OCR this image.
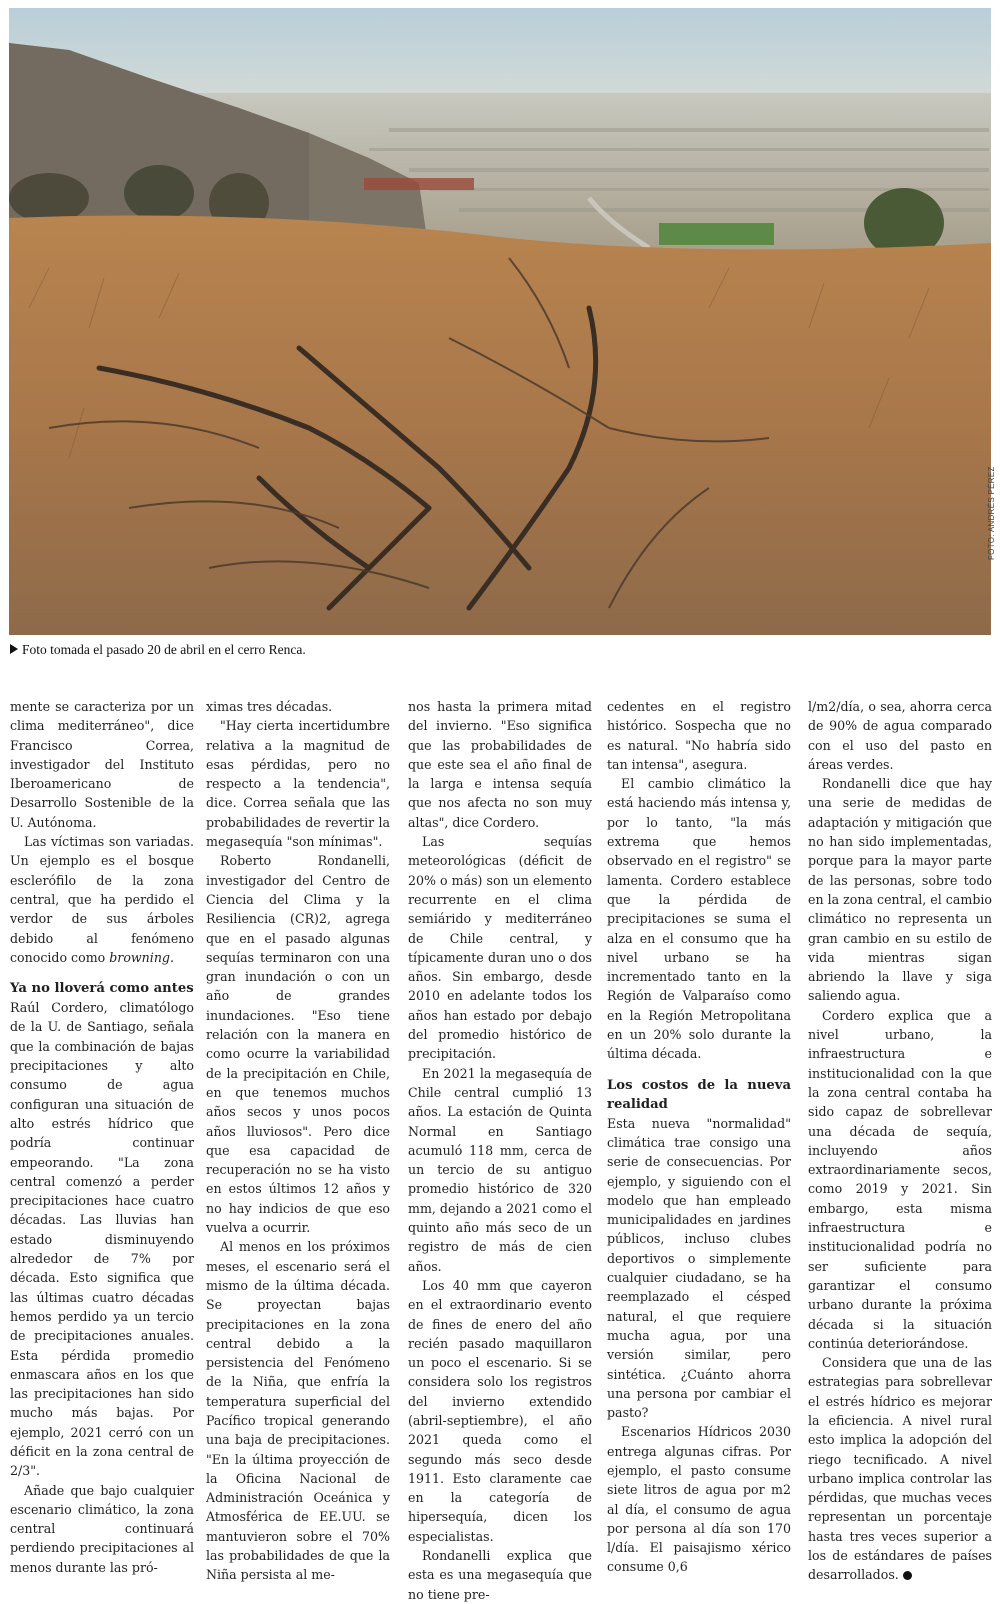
FOTO: ANDRÉS PÉREZ
Foto tomada el pasado 20 de abril en el cerro Renca.

mente se caracteriza por un clima mediterráneo", dice Francisco Correa, investigador del Instituto Iberoamericano de Desarrollo Sostenible de la U. Autónoma.

Las víctimas son variadas. Un ejemplo es el bosque esclerófilo de la zona central, que ha perdido el verdor de sus árboles debido al fenómeno conocido como browning.

Ya no lloverá como antes

Raúl Cordero, climatólogo de la U. de Santiago, señala que la combinación de bajas precipitaciones y alto consumo de agua configuran una situación de alto estrés hídrico que podría continuar empeorando. "La zona central comenzó a perder precipitaciones hace cuatro décadas. Las lluvias han estado disminuyendo alrededor de 7% por década. Esto significa que las últimas cuatro décadas hemos perdido ya un tercio de precipitaciones anuales. Esta pérdida promedio enmascara años en los que las precipitaciones han sido mucho más bajas. Por ejemplo, 2021 cerró con un déficit en la zona central de 2/3".

Añade que bajo cualquier escenario climático, la zona central continuará perdiendo precipitaciones al menos durante las pró-

ximas tres décadas.

"Hay cierta incertidumbre relativa a la magnitud de esas pérdidas, pero no respecto a la tendencia", dice. Correa señala que las probabilidades de revertir la megasequía "son mínimas".

Roberto Rondanelli, investigador del Centro de Ciencia del Clima y la Resiliencia (CR)2, agrega que en el pasado algunas sequías terminaron con una gran inundación o con un año de grandes inundaciones. "Eso tiene relación con la manera en como ocurre la variabilidad de la precipitación en Chile, en que tenemos muchos años secos y unos pocos años lluviosos". Pero dice que esa capacidad de recuperación no se ha visto en estos últimos 12 años y no hay indicios de que eso vuelva a ocurrir.

Al menos en los próximos meses, el escenario será el mismo de la última década. Se proyectan bajas precipitaciones en la zona central debido a la persistencia del Fenómeno de la Niña, que enfría la temperatura superficial del Pacífico tropical generando una baja de precipitaciones. "En la última proyección de la Oficina Nacional de Administración Oceánica y Atmosférica de EE.UU. se mantuvieron sobre el 70% las probabilidades de que la Niña persista al me-

nos hasta la primera mitad del invierno. "Eso significa que las probabilidades de que este sea el año final de la larga e intensa sequía que nos afecta no son muy altas", dice Cordero.

Las sequías meteorológicas (déficit de 20% o más) son un elemento recurrente en el clima semiárido y mediterráneo de Chile central, y típicamente duran uno o dos años. Sin embargo, desde 2010 en adelante todos los años han estado por debajo del promedio histórico de precipitación.

En 2021 la megasequía de Chile central cumplió 13 años. La estación de Quinta Normal en Santiago acumuló 118 mm, cerca de un tercio de su antiguo promedio histórico de 320 mm, dejando a 2021 como el quinto año más seco de un registro de más de cien años.

Los 40 mm que cayeron en el extraordinario evento de fines de enero del año recién pasado maquillaron un poco el escenario. Si se considera solo los registros del invierno extendido (abril-septiembre), el año 2021 queda como el segundo más seco desde 1911. Esto claramente cae en la categoría de hipersequía, dicen los especialistas.

Rondanelli explica que esta es una megasequía que no tiene pre-

cedentes en el registro histórico. Sospecha que no es natural. "No habría sido tan intensa", asegura.

El cambio climático la está haciendo más intensa y, por lo tanto, "la más extrema que hemos observado en el registro" se lamenta. Cordero establece que la pérdida de precipitaciones se suma el alza en el consumo que ha nivel urbano se ha incrementado tanto en la Región de Valparaíso como en la Región Metropolitana en un 20% solo durante la última década.

Los costos de la nueva realidad

Esta nueva "normalidad" climática trae consigo una serie de consecuencias. Por ejemplo, y siguiendo con el modelo que han empleado municipalidades en jardines públicos, incluso clubes deportivos o simplemente cualquier ciudadano, se ha reemplazado el césped natural, el que requiere mucha agua, por una versión similar, pero sintética. ¿Cuánto ahorra una persona por cambiar el pasto?

Escenarios Hídricos 2030 entrega algunas cifras. Por ejemplo, el pasto consume siete litros de agua por m2 al día, el consumo de agua por persona al día son 170 l/día. El paisajismo xérico consume 0,6

l/m2/día, o sea, ahorra cerca de 90% de agua comparado con el uso del pasto en áreas verdes.

Rondanelli dice que hay una serie de medidas de adaptación y mitigación que no han sido implementadas, porque para la mayor parte de las personas, sobre todo en la zona central, el cambio climático no representa un gran cambio en su estilo de vida mientras sigan abriendo la llave y siga saliendo agua.

Cordero explica que a nivel urbano, la infraestructura e institucionalidad con la que la zona central contaba ha sido capaz de sobrellevar una década de sequía, incluyendo años extraordinariamente secos, como 2019 y 2021. Sin embargo, esta misma infraestructura e institucionalidad podría no ser suficiente para garantizar el consumo urbano durante la próxima década si la situación continúa deteriorándose.

Considera que una de las estrategias para sobrellevar el estrés hídrico es mejorar la eficiencia. A nivel rural esto implica la adopción del riego tecnificado. A nivel urbano implica controlar las pérdidas, que muchas veces representan un porcentaje hasta tres veces superior a los de estándares de países desarrollados.
